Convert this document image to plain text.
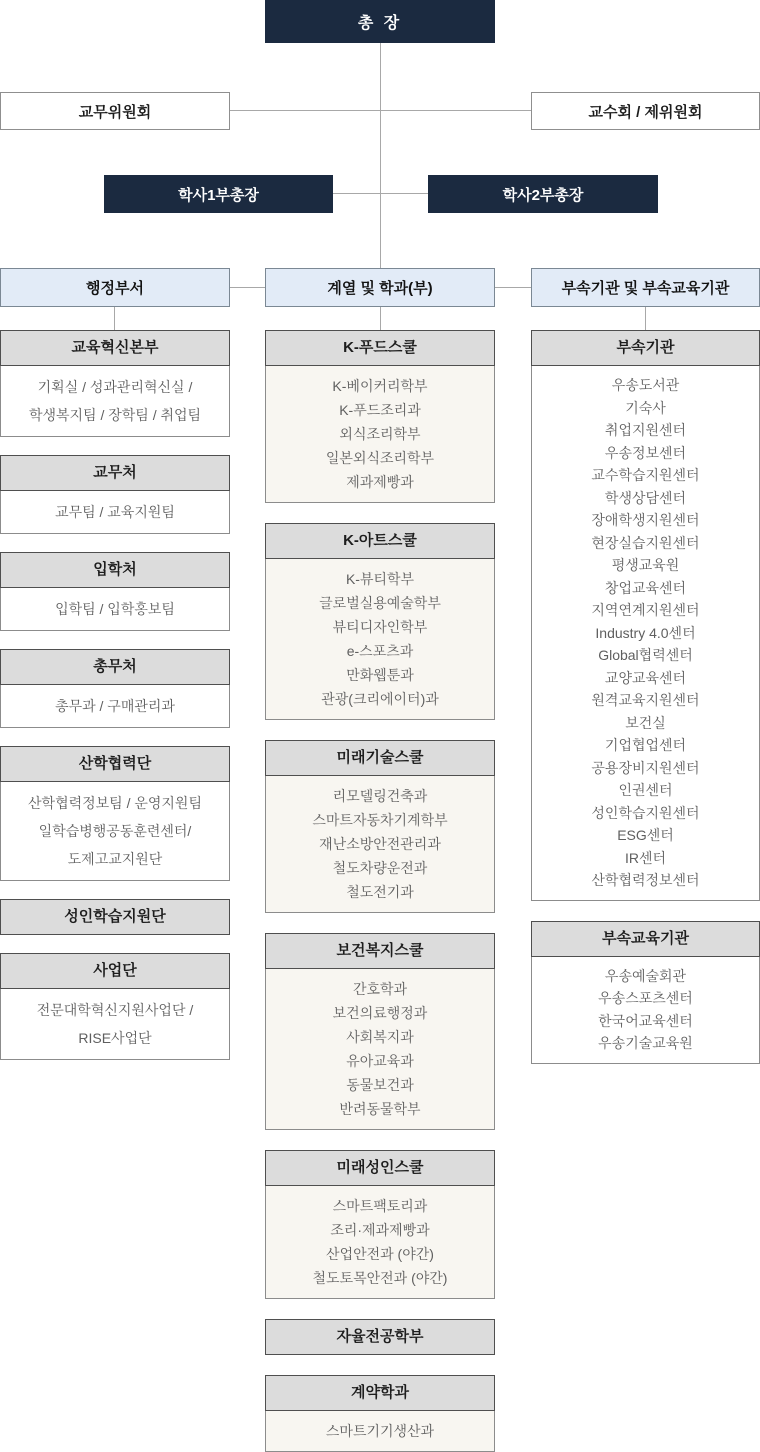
총 장
교무위원회	교수회 / 제위원회
학사1부총장	학사2부총장
행정부서	계열 및 학과(부)	부속기관 및 부속교육기관
교육혁신본부
기획실 / 성과관리혁신실 /
학생복지팀 / 장학팀 / 취업팀
교무처
교무팀 / 교육지원팀
입학처
입학팀 / 입학홍보팀
총무처
총무과 / 구매관리과
산학협력단
산학협력정보팀 / 운영지원팀
일학습병행공동훈련센터/
도제고교지원단
성인학습지원단
사업단
전문대학혁신지원사업단 /
RISE사업단
K-푸드스쿨
K-베이커리학부
K-푸드조리과
외식조리학부
일본외식조리학부
제과제빵과
K-아트스쿨
K-뷰티학부
글로벌실용예술학부
뷰티디자인학부
e-스포츠과
만화웹툰과
관광(크리에이터)과
미래기술스쿨
리모델링건축과
스마트자동차기계학부
재난소방안전관리과
철도차량운전과
철도전기과
보건복지스쿨
간호학과
보건의료행정과
사회복지과
유아교육과
동물보건과
반려동물학부
미래성인스쿨
스마트팩토리과
조리·제과제빵과
산업안전과 (야간)
철도토목안전과 (야간)
자율전공학부
계약학과
스마트기기생산과
부속기관
우송도서관
기숙사
취업지원센터
우송정보센터
교수학습지원센터
학생상담센터
장애학생지원센터
현장실습지원센터
평생교육원
창업교육센터
지역연계지원센터
Industry 4.0센터
Global협력센터
교양교육센터
원격교육지원센터
보건실
기업협업센터
공용장비지원센터
인권센터
성인학습지원센터
ESG센터
IR센터
산학협력정보센터
부속교육기관
우송예술회관
우송스포츠센터
한국어교육센터
우송기술교육원
